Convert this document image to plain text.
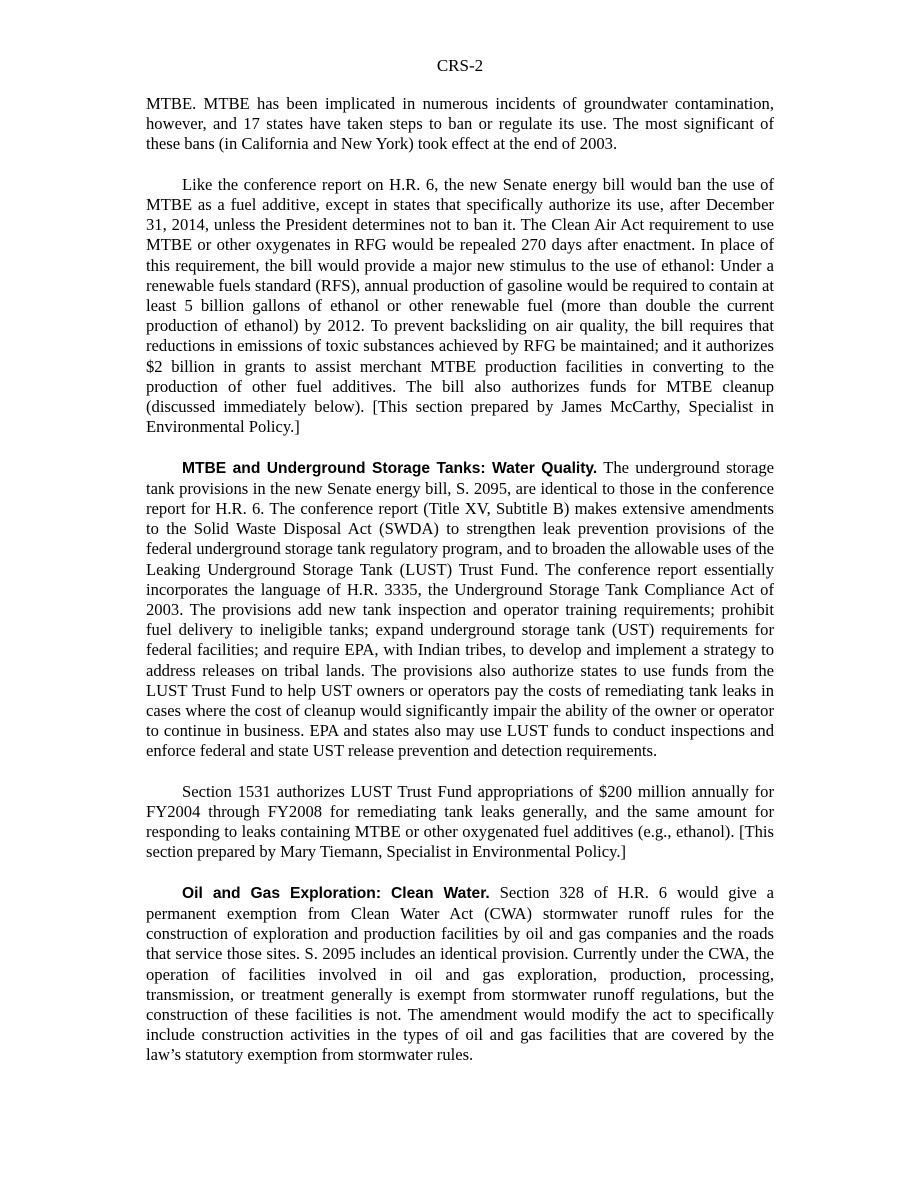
CRS-2

MTBE. MTBE has been implicated in numerous incidents of groundwater contamination, however, and 17 states have taken steps to ban or regulate its use. The most significant of these bans (in California and New York) took effect at the end of 2003.

Like the conference report on H.R. 6, the new Senate energy bill would ban the use of MTBE as a fuel additive, except in states that specifically authorize its use, after December 31, 2014, unless the President determines not to ban it. The Clean Air Act requirement to use MTBE or other oxygenates in RFG would be repealed 270 days after enactment. In place of this requirement, the bill would provide a major new stimulus to the use of ethanol: Under a renewable fuels standard (RFS), annual production of gasoline would be required to contain at least 5 billion gallons of ethanol or other renewable fuel (more than double the current production of ethanol) by 2012. To prevent backsliding on air quality, the bill requires that reductions in emissions of toxic substances achieved by RFG be maintained; and it authorizes $2 billion in grants to assist merchant MTBE production facilities in converting to the production of other fuel additives. The bill also authorizes funds for MTBE cleanup (discussed immediately below). [This section prepared by James McCarthy, Specialist in Environmental Policy.]

MTBE and Underground Storage Tanks: Water Quality. The underground storage tank provisions in the new Senate energy bill, S. 2095, are identical to those in the conference report for H.R. 6. The conference report (Title XV, Subtitle B) makes extensive amendments to the Solid Waste Disposal Act (SWDA) to strengthen leak prevention provisions of the federal underground storage tank regulatory program, and to broaden the allowable uses of the Leaking Underground Storage Tank (LUST) Trust Fund. The conference report essentially incorporates the language of H.R. 3335, the Underground Storage Tank Compliance Act of 2003. The provisions add new tank inspection and operator training requirements; prohibit fuel delivery to ineligible tanks; expand underground storage tank (UST) requirements for federal facilities; and require EPA, with Indian tribes, to develop and implement a strategy to address releases on tribal lands. The provisions also authorize states to use funds from the LUST Trust Fund to help UST owners or operators pay the costs of remediating tank leaks in cases where the cost of cleanup would significantly impair the ability of the owner or operator to continue in business. EPA and states also may use LUST funds to conduct inspections and enforce federal and state UST release prevention and detection requirements.

Section 1531 authorizes LUST Trust Fund appropriations of $200 million annually for FY2004 through FY2008 for remediating tank leaks generally, and the same amount for responding to leaks containing MTBE or other oxygenated fuel additives (e.g., ethanol). [This section prepared by Mary Tiemann, Specialist in Environmental Policy.]

Oil and Gas Exploration: Clean Water. Section 328 of H.R. 6 would give a permanent exemption from Clean Water Act (CWA) stormwater runoff rules for the construction of exploration and production facilities by oil and gas companies and the roads that service those sites. S. 2095 includes an identical provision. Currently under the CWA, the operation of facilities involved in oil and gas exploration, production, processing, transmission, or treatment generally is exempt from stormwater runoff regulations, but the construction of these facilities is not. The amendment would modify the act to specifically include construction activities in the types of oil and gas facilities that are covered by the law’s statutory exemption from stormwater rules.
